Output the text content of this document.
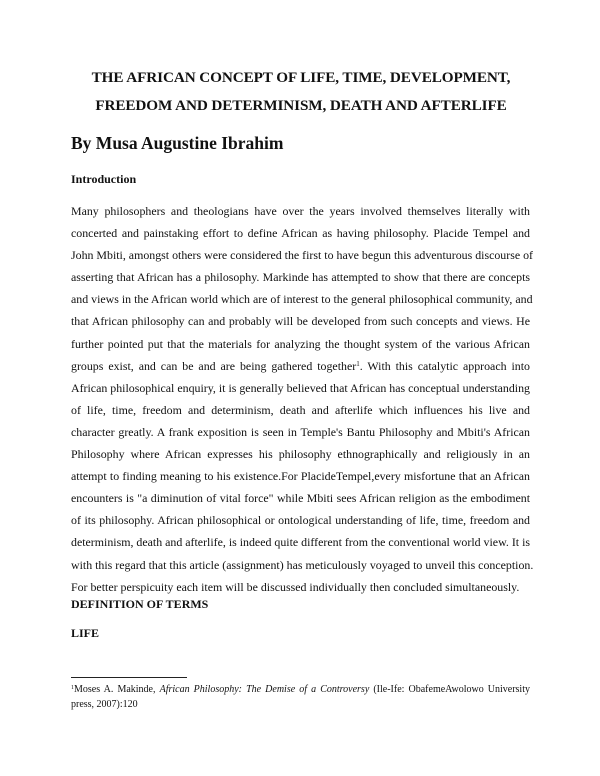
THE AFRICAN CONCEPT OF LIFE, TIME, DEVELOPMENT,
FREEDOM AND DETERMINISM, DEATH AND AFTERLIFE

By Musa Augustine Ibrahim

Introduction

Many philosophers and theologians have over the years involved themselves literally with
concerted and painstaking effort to define African as having philosophy. Placide Tempel and
John Mbiti, amongst others were considered the first to have begun this adventurous discourse of
asserting that African has a philosophy. Markinde has attempted to show that there are concepts
and views in the African world which are of interest to the general philosophical community, and
that African philosophy can and probably will be developed from such concepts and views. He
further pointed put that the materials for analyzing the thought system of the various African
groups exist, and can be and are being gathered together$^1$. With this catalytic approach into
African philosophical enquiry, it is generally believed that African has conceptual understanding
of life, time, freedom and determinism, death and afterlife which influences his live and
character greatly. A frank exposition is seen in Temple's Bantu Philosophy and Mbiti's African
Philosophy where African expresses his philosophy ethnographically and religiously in an
attempt to finding meaning to his existence.For PlacideTempel,every misfortune that an African
encounters is "a diminution of vital force" while Mbiti sees African religion as the embodiment
of its philosophy. African philosophical or ontological understanding of life, time, freedom and
determinism, death and afterlife, is indeed quite different from the conventional world view. It is
with this regard that this article (assignment) has meticulously voyaged to unveil this conception.
For better perspicuity each item will be discussed individually then concluded simultaneously.

DEFINITION OF TERMS

LIFE

$^1$Moses A. Makinde, African Philosophy: The Demise of a Controversy (Ile-Ife: ObafemeAwolowo University
press, 2007):120
